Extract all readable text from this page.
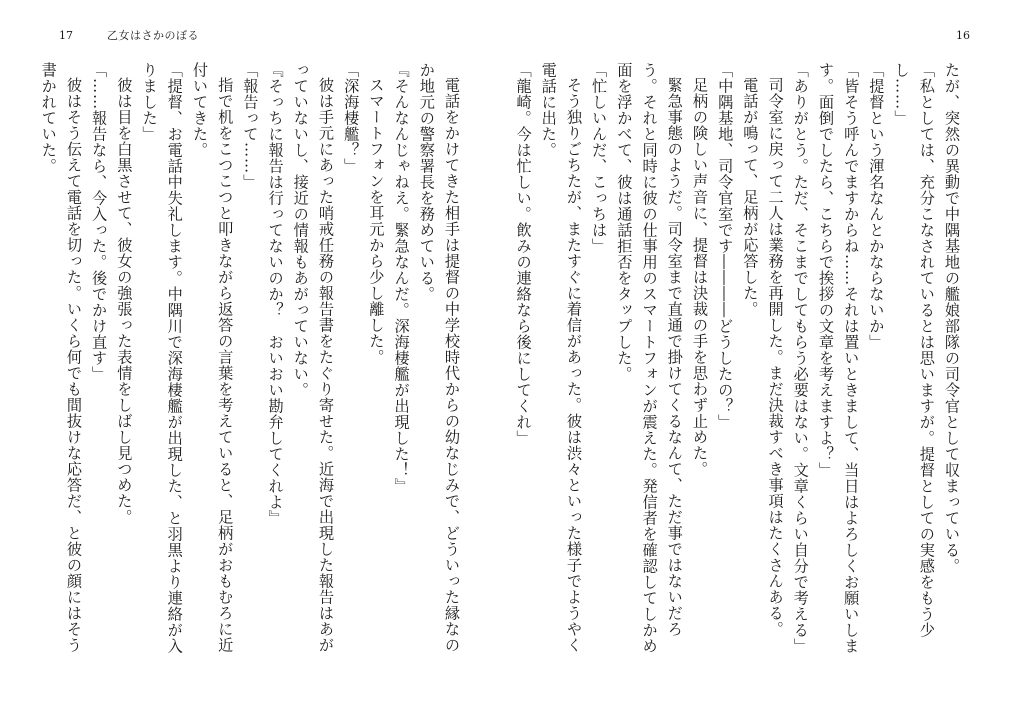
17	乙女はさかのぼる	16

たが、突然の異動で中隅基地の艦娘部隊の司令官として収まっている。

「私としては、充分こなされているとは思いますが。提督としての実感をもう少し……」

「提督という渾名なんとかならないか」

「皆そう呼んでますからね……それは置いときまして、当日はよろしくお願いします。面倒でしたら、こちらで挨拶の文章を考えますよ？」

「ありがとう。ただ、そこまでしてもらう必要はない。文章くらい自分で考える」

司令室に戻って二人は業務を再開した。まだ決裁すべき事項はたくさんある。

電話が鳴って、足柄が応答した。

「中隅基地、司令官室です――――どうしたの？」

足柄の険しい声音に、提督は決裁の手を思わず止めた。

緊急事態のようだ。司令室まで直通で掛けてくるなんて、ただ事ではないだろう。それと同時に彼の仕事用のスマートフォンが震えた。発信者を確認してしかめ面を浮かべて、彼は通話拒否をタップした。

「忙しいんだ、こっちは」

そう独りごちたが、またすぐに着信があった。彼は渋々といった様子でようやく電話に出た。

「龍崎。今は忙しい。飲みの連絡なら後にしてくれ」

電話をかけてきた相手は提督の中学校時代からの幼なじみで、どういった縁なのか地元の警察署長を務めている。

『そんなんじゃねえ。緊急なんだ。深海棲艦が出現した！』

スマートフォンを耳元から少し離した。

「深海棲艦？」

彼は手元にあった哨戒任務の報告書をたぐり寄せた。近海で出現した報告はあがっていないし、接近の情報もあがっていない。

『そっちに報告は行ってないのか？　おいおい勘弁してくれよ』

「報告って……」

指で机をこつこつと叩きながら返答の言葉を考えていると、足柄がおもむろに近付いてきた。

「提督、お電話中失礼します。中隅川で深海棲艦が出現した、と羽黒より連絡が入りました」

彼は目を白黒させて、彼女の強張った表情をしばし見つめた。

「……報告なら、今入った。後でかけ直す」

彼はそう伝えて電話を切った。いくら何でも間抜けな応答だ、と彼の顔にはそう書かれていた。
